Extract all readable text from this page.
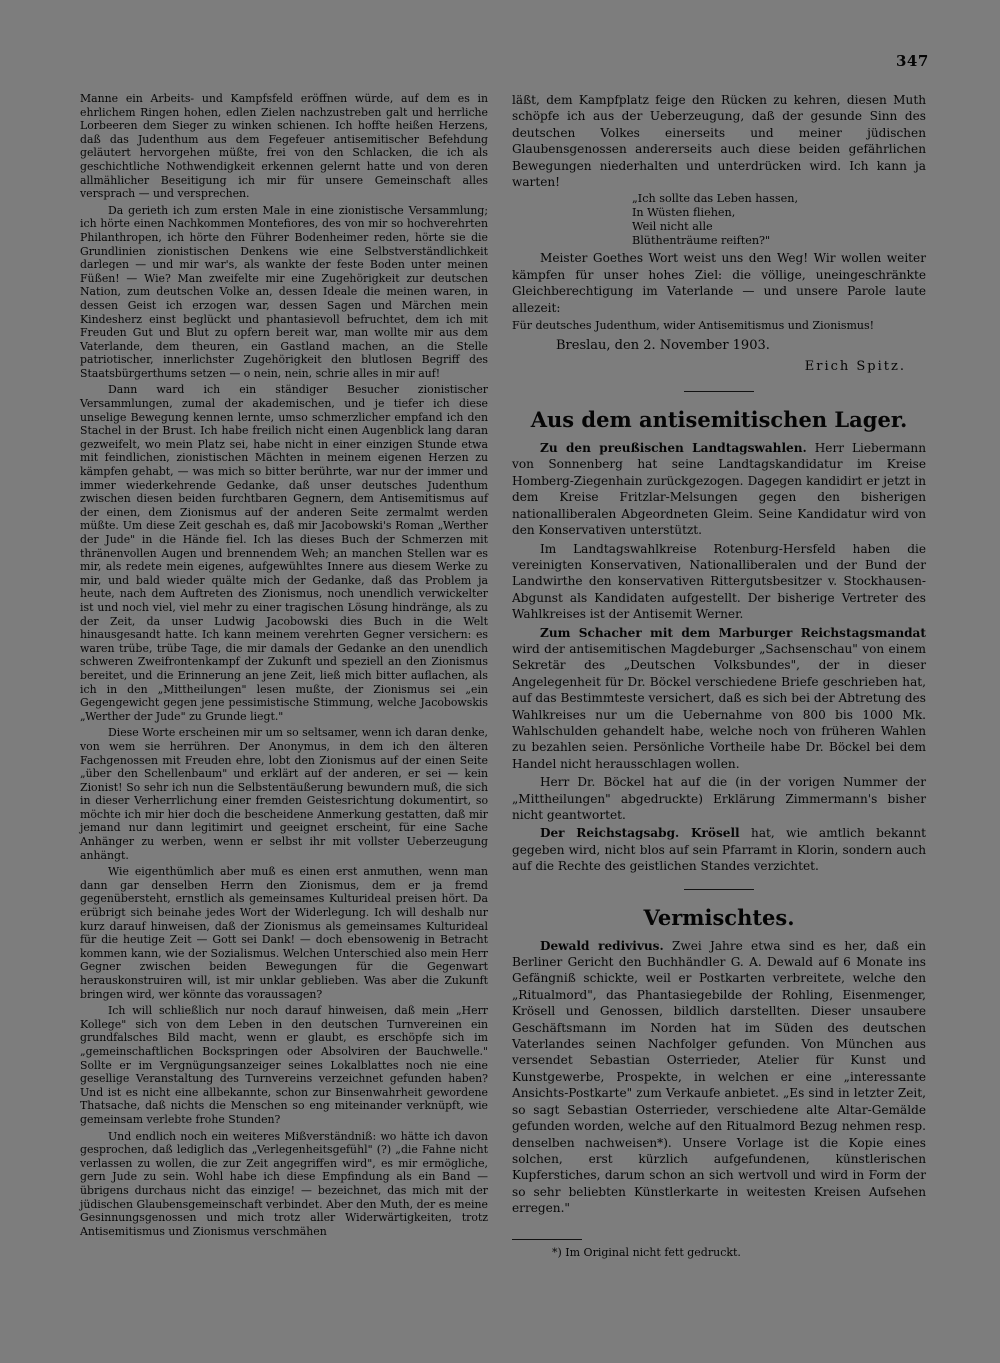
347

Manne ein Arbeits- und Kampfsfeld eröffnen würde, auf dem es in ehrlichem Ringen hohen, edlen Zielen nachzustreben galt und herrliche Lorbeeren dem Sieger zu winken schienen. Ich hoffte heißen Herzens, daß das Judenthum aus dem Fegefeuer antisemitischer Befehdung geläutert hervorgehen müßte, frei von den Schlacken, die ich als geschichtliche Nothwendigkeit erkennen gelernt hatte und von deren allmählicher Beseitigung ich mir für unsere Gemeinschaft alles versprach — und versprechen.

Da gerieth ich zum ersten Male in eine zionistische Versammlung; ich hörte einen Nachkommen Montefiores, des von mir so hochverehrten Philanthropen, ich hörte den Führer Bodenheimer reden, hörte sie die Grundlinien zionistischen Denkens wie eine Selbstverständlichkeit darlegen — und mir war's, als wankte der feste Boden unter meinen Füßen! — Wie? Man zweifelte mir eine Zugehörigkeit zur deutschen Nation, zum deutschen Volke an, dessen Ideale die meinen waren, in dessen Geist ich erzogen war, dessen Sagen und Märchen mein Kindesherz einst beglückt und phantasievoll befruchtet, dem ich mit Freuden Gut und Blut zu opfern bereit war, man wollte mir aus dem Vaterlande, dem theuren, ein Gastland machen, an die Stelle patriotischer, innerlichster Zugehörigkeit den blutlosen Begriff des Staatsbürgerthums setzen — o nein, nein, schrie alles in mir auf!

Dann ward ich ein ständiger Besucher zionistischer Versammlungen, zumal der akademischen, und je tiefer ich diese unselige Bewegung kennen lernte, umso schmerzlicher empfand ich den Stachel in der Brust. Ich habe freilich nicht einen Augenblick lang daran gezweifelt, wo mein Platz sei, habe nicht in einer einzigen Stunde etwa mit feindlichen, zionistischen Mächten in meinem eigenen Herzen zu kämpfen gehabt, — was mich so bitter berührte, war nur der immer und immer wiederkehrende Gedanke, daß unser deutsches Judenthum zwischen diesen beiden furchtbaren Gegnern, dem Antisemitismus auf der einen, dem Zionismus auf der anderen Seite zermalmt werden müßte. Um diese Zeit geschah es, daß mir Jacobowski's Roman „Werther der Jude" in die Hände fiel. Ich las dieses Buch der Schmerzen mit thränenvollen Augen und brennendem Weh; an manchen Stellen war es mir, als redete mein eigenes, aufgewühltes Innere aus diesem Werke zu mir, und bald wieder quälte mich der Gedanke, daß das Problem ja heute, nach dem Auftreten des Zionismus, noch unendlich verwickelter ist und noch viel, viel mehr zu einer tragischen Lösung hindränge, als zu der Zeit, da unser Ludwig Jacobowski dies Buch in die Welt hinausgesandt hatte. Ich kann meinem verehrten Gegner versichern: es waren trübe, trübe Tage, die mir damals der Gedanke an den unendlich schweren Zweifrontenkampf der Zukunft und speziell an den Zionismus bereitet, und die Erinnerung an jene Zeit, ließ mich bitter auflachen, als ich in den „Mittheilungen" lesen mußte, der Zionismus sei „ein Gegengewicht gegen jene pessimistische Stimmung, welche Jacobowskis „Werther der Jude" zu Grunde liegt."

Diese Worte erscheinen mir um so seltsamer, wenn ich daran denke, von wem sie herrühren. Der Anonymus, in dem ich den älteren Fachgenossen mit Freuden ehre, lobt den Zionismus auf der einen Seite „über den Schellenbaum" und erklärt auf der anderen, er sei — kein Zionist! So sehr ich nun die Selbstentäußerung bewundern muß, die sich in dieser Verherrlichung einer fremden Geistesrichtung dokumentirt, so möchte ich mir hier doch die bescheidene Anmerkung gestatten, daß mir jemand nur dann legitimirt und geeignet erscheint, für eine Sache Anhänger zu werben, wenn er selbst ihr mit vollster Ueberzeugung anhängt.

Wie eigenthümlich aber muß es einen erst anmuthen, wenn man dann gar denselben Herrn den Zionismus, dem er ja fremd gegenübersteht, ernstlich als gemeinsames Kulturideal preisen hört. Da erübrigt sich beinahe jedes Wort der Widerlegung. Ich will deshalb nur kurz darauf hinweisen, daß der Zionismus als gemeinsames Kulturideal für die heutige Zeit — Gott sei Dank! — doch ebensowenig in Betracht kommen kann, wie der Sozialismus. Welchen Unterschied also mein Herr Gegner zwischen beiden Bewegungen für die Gegenwart herauskonstruiren will, ist mir unklar geblieben. Was aber die Zukunft bringen wird, wer könnte das voraussagen?

Ich will schließlich nur noch darauf hinweisen, daß mein „Herr Kollege" sich von dem Leben in den deutschen Turnvereinen ein grundfalsches Bild macht, wenn er glaubt, es erschöpfe sich im „gemeinschaftlichen Bockspringen oder Absolviren der Bauchwelle." Sollte er im Vergnügungsanzeiger seines Lokalblattes noch nie eine gesellige Veranstaltung des Turnvereins verzeichnet gefunden haben? Und ist es nicht eine allbekannte, schon zur Binsenwahrheit gewordene Thatsache, daß nichts die Menschen so eng miteinander verknüpft, wie gemeinsam verlebte frohe Stunden?

Und endlich noch ein weiteres Mißverständniß: wo hätte ich davon gesprochen, daß lediglich das „Verlegenheitsgefühl" (?) „die Fahne nicht verlassen zu wollen, die zur Zeit angegriffen wird", es mir ermögliche, gern Jude zu sein. Wohl habe ich diese Empfindung als ein Band — übrigens durchaus nicht das einzige! — bezeichnet, das mich mit der jüdischen Glaubensgemeinschaft verbindet. Aber den Muth, der es meine Gesinnungsgenossen und mich trotz aller Widerwärtigkeiten, trotz Antisemitismus und Zionismus verschmähen

läßt, dem Kampfplatz feige den Rücken zu kehren, diesen Muth schöpfe ich aus der Ueberzeugung, daß der gesunde Sinn des deutschen Volkes einerseits und meiner jüdischen Glaubensgenossen andererseits auch diese beiden gefährlichen Bewegungen niederhalten und unterdrücken wird. Ich kann ja warten!

„Ich sollte das Leben hassen,
In Wüsten fliehen,
Weil nicht alle
Blüthenträume reiften?"

Meister Goethes Wort weist uns den Weg! Wir wollen weiter kämpfen für unser hohes Ziel: die völlige, uneingeschränkte Gleichberechtigung im Vaterlande — und unsere Parole laute allezeit:

Für deutsches Judenthum, wider Antisemitismus und Zionismus!

Breslau, den 2. November 1903.
Erich Spitz.
Aus dem antisemitischen Lager.

Zu den preußischen Landtagswahlen. Herr Liebermann von Sonnenberg hat seine Landtagskandidatur im Kreise Homberg-Ziegenhain zurückgezogen. Dagegen kandidirt er jetzt in dem Kreise Fritzlar-Melsungen gegen den bisherigen nationalliberalen Abgeordneten Gleim. Seine Kandidatur wird von den Konservativen unterstützt.

Im Landtagswahlkreise Rotenburg-Hersfeld haben die vereinigten Konservativen, Nationalliberalen und der Bund der Landwirthe den konservativen Rittergutsbesitzer v. Stockhausen-Abgunst als Kandidaten aufgestellt. Der bisherige Vertreter des Wahlkreises ist der Antisemit Werner.

Zum Schacher mit dem Marburger Reichstagsmandat wird der antisemitischen Magdeburger „Sachsenschau" von einem Sekretär des „Deutschen Volksbundes", der in dieser Angelegenheit für Dr. Böckel verschiedene Briefe geschrieben hat, auf das Bestimmteste versichert, daß es sich bei der Abtretung des Wahlkreises nur um die Uebernahme von 800 bis 1000 Mk. Wahlschulden gehandelt habe, welche noch von früheren Wahlen zu bezahlen seien. Persönliche Vortheile habe Dr. Böckel bei dem Handel nicht herausschlagen wollen.

Herr Dr. Böckel hat auf die (in der vorigen Nummer der „Mittheilungen" abgedruckte) Erklärung Zimmermann's bisher nicht geantwortet.

Der Reichstagsabg. Krösell hat, wie amtlich bekannt gegeben wird, nicht blos auf sein Pfarramt in Klorin, sondern auch auf die Rechte des geistlichen Standes verzichtet.

Vermischtes.

Dewald redivivus. Zwei Jahre etwa sind es her, daß ein Berliner Gericht den Buchhändler G. A. Dewald auf 6 Monate ins Gefängniß schickte, weil er Postkarten verbreitete, welche den „Ritualmord", das Phantasiegebilde der Rohling, Eisenmenger, Krösell und Genossen, bildlich darstellten. Dieser unsaubere Geschäftsmann im Norden hat im Süden des deutschen Vaterlandes seinen Nachfolger gefunden. Von München aus versendet Sebastian Osterrieder, Atelier für Kunst und Kunstgewerbe, Prospekte, in welchen er eine „interessante Ansichts-Postkarte" zum Verkaufe anbietet. „Es sind in letzter Zeit, so sagt Sebastian Osterrieder, verschiedene alte Altar-Gemälde gefunden worden, welche auf den Ritualmord Bezug nehmen resp. denselben nachweisen*). Unsere Vorlage ist die Kopie eines solchen, erst kürzlich aufgefundenen, künstlerischen Kupferstiches, darum schon an sich wertvoll und wird in Form der so sehr beliebten Künstlerkarte in weitesten Kreisen Aufsehen erregen."

*) Im Original nicht fett gedruckt.
